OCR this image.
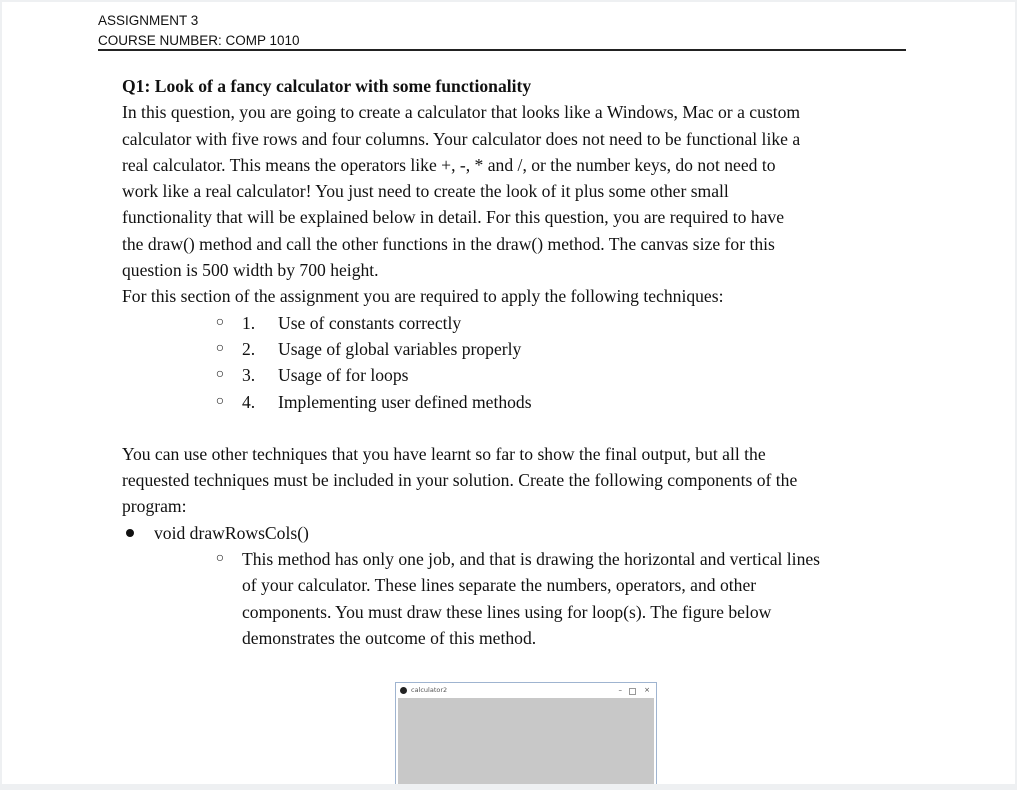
ASSIGNMENT 3
COURSE NUMBER: COMP 1010

Q1: Look of a fancy calculator with some functionality

In this question, you are going to create a calculator that looks like a Windows, Mac or a custom
calculator with five rows and four columns. Your calculator does not need to be functional like a
real calculator. This means the operators like +, -, * and /, or the number keys, do not need to
work like a real calculator! You just need to create the look of it plus some other small
functionality that will be explained below in detail. For this question, you are required to have
the draw() method and call the other functions in the draw() method. The canvas size for this
question is 500 width by 700 height.

For this section of the assignment you are required to apply the following techniques:

○ 1. Use of constants correctly
○ 2. Usage of global variables properly
○ 3. Usage of for loops
○ 4. Implementing user defined methods

You can use other techniques that you have learnt so far to show the final output, but all the
requested techniques must be included in your solution. Create the following components of the
program:

void drawRowsCols()
○ This method has only one job, and that is drawing the horizontal and vertical lines
of your calculator. These lines separate the numbers, operators, and other
components. You must draw these lines using for loop(s). The figure below
demonstrates the outcome of this method.
calculator2	–	×
